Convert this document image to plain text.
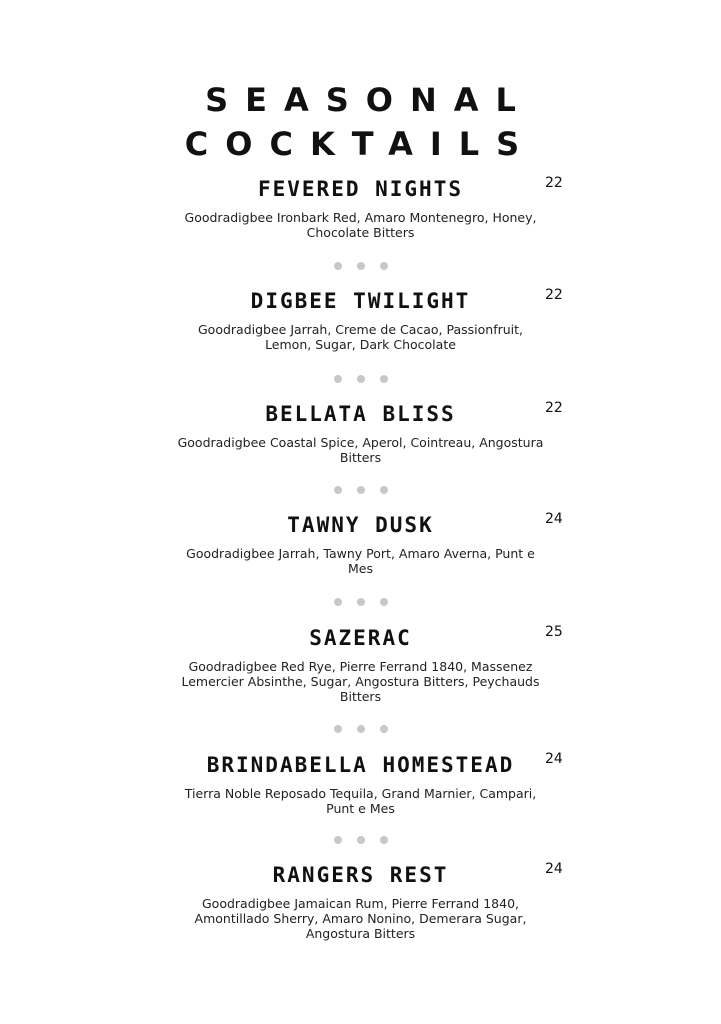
SEASONAL COCKTAILS
FEVERED NIGHTS	22

Goodradigbee Ironbark Red, Amaro Montenegro, Honey, Chocolate Bitters

DIGBEE TWILIGHT	22

Goodradigbee Jarrah, Creme de Cacao, Passionfruit, Lemon, Sugar, Dark Chocolate

BELLATA BLISS	22

Goodradigbee Coastal Spice, Aperol, Cointreau, Angostura Bitters

TAWNY DUSK	24

Goodradigbee Jarrah, Tawny Port, Amaro Averna, Punt e Mes

SAZERAC	25

Goodradigbee Red Rye, Pierre Ferrand 1840, Massenez Lemercier Absinthe, Sugar, Angostura Bitters, Peychauds Bitters

BRINDABELLA HOMESTEAD	24

Tierra Noble Reposado Tequila, Grand Marnier, Campari, Punt e Mes

RANGERS REST	24

Goodradigbee Jamaican Rum, Pierre Ferrand 1840, Amontillado Sherry, Amaro Nonino, Demerara Sugar, Angostura Bitters
